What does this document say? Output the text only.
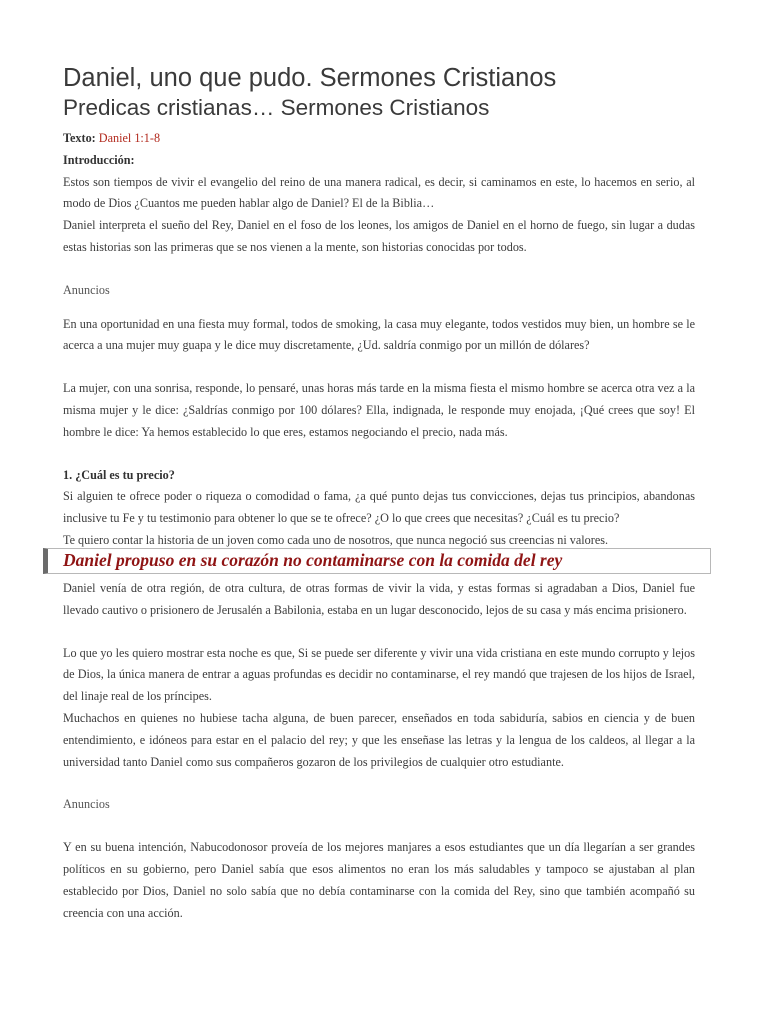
Daniel, uno que pudo. Sermones Cristianos
Predicas cristianas… Sermones Cristianos

Texto: Daniel 1:1-8

Introducción:

Estos son tiempos de vivir el evangelio del reino de una manera radical, es decir, si caminamos en este, lo hacemos en serio, al modo de Dios ¿Cuantos me pueden hablar algo de Daniel? El de la Biblia…

Daniel interpreta el sueño del Rey, Daniel en el foso de los leones, los amigos de Daniel en el horno de fuego, sin lugar a dudas estas historias son las primeras que se nos vienen a la mente, son historias conocidas por todos.

Anuncios

En una oportunidad en una fiesta muy formal, todos de smoking, la casa muy elegante, todos vestidos muy bien, un hombre se le acerca a una mujer muy guapa y le dice muy discretamente, ¿Ud. saldría conmigo por un millón de dólares?

La mujer, con una sonrisa, responde, lo pensaré, unas horas más tarde en la misma fiesta el mismo hombre se acerca otra vez a la misma mujer y le dice: ¿Saldrías conmigo por 100 dólares? Ella, indignada, le responde muy enojada, ¡Qué crees que soy! El hombre le dice: Ya hemos establecido lo que eres, estamos negociando el precio, nada más.

1. ¿Cuál es tu precio?

Si alguien te ofrece poder o riqueza o comodidad o fama, ¿a qué punto dejas tus convicciones, dejas tus principios, abandonas inclusive tu Fe y tu testimonio para obtener lo que se te ofrece? ¿O lo que crees que necesitas? ¿Cuál es tu precio?

Te quiero contar la historia de un joven como cada uno de nosotros, que nunca negoció sus creencias ni valores.

Daniel propuso en su corazón no contaminarse con la comida del rey

Daniel venía de otra región, de otra cultura, de otras formas de vivir la vida, y estas formas si agradaban a Dios, Daniel fue llevado cautivo o prisionero de Jerusalén a Babilonia, estaba en un lugar desconocido, lejos de su casa y más encima prisionero.

Lo que yo les quiero mostrar esta noche es que, Si se puede ser diferente y vivir una vida cristiana en este mundo corrupto y lejos de Dios, la única manera de entrar a aguas profundas es decidir no contaminarse, el rey mandó que trajesen de los hijos de Israel, del linaje real de los príncipes.

Muchachos en quienes no hubiese tacha alguna, de buen parecer, enseñados en toda sabiduría, sabios en ciencia y de buen entendimiento, e idóneos para estar en el palacio del rey; y que les enseñase las letras y la lengua de los caldeos, al llegar a la universidad tanto Daniel como sus compañeros gozaron de los privilegios de cualquier otro estudiante.

Anuncios

Y en su buena intención, Nabucodonosor proveía de los mejores manjares a esos estudiantes que un día llegarían a ser grandes políticos en su gobierno, pero Daniel sabía que esos alimentos no eran los más saludables y tampoco se ajustaban al plan establecido por Dios, Daniel no solo sabía que no debía contaminarse con la comida del Rey, sino que también acompañó su creencia con una acción.
